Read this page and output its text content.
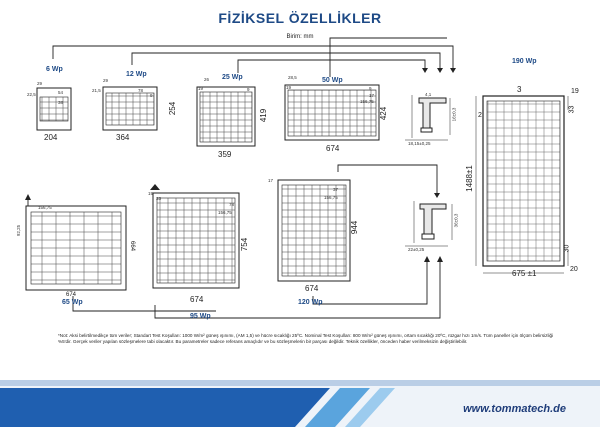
FİZİKSEL ÖZELLİKLER
Birim: mm
6 Wp
12 Wp	25 Wp	50 Wp
190 Wp
65 Wp
95 Wp
120 Wp
204	364
254
359
419
674
424
674
664
674
754
674
944
22,5
29
54
38
29
21,5	78
9
19
26
9	19
28,5
9
17
156,75
156,75
92,25
19
33
156,75
78
17
37
156,75
18,15±0,25
16±0,3
4,1
22±0,25
36±0,3
3	19
2
33
1488±1
30
675 ±1	20
*Not: Aksi belirtilmedikçe tüm veriler; Standart Test Koşulları: 1000 W/m² güneş ışınımı, (AM 1,5) ve hücre sıcaklığı 25ºC. Nominal Test Koşulları: 800 W/m² güneş ışınımı, ortam sıcaklığı 20ºC, rüzgar hızı 1m/s. Tüm paneller için ölçüm belirsizliği %5'dir. Gerçek veriler yapılan sözleşmelere tabi olacaktır. Bu parametreler sadece referans amaçlıdır ve bu sözleşmelerin bir parçası değildir. Teknik özellikler, önceden haber verilmeksizin değiştirilebilir.
www.tommatech.de
